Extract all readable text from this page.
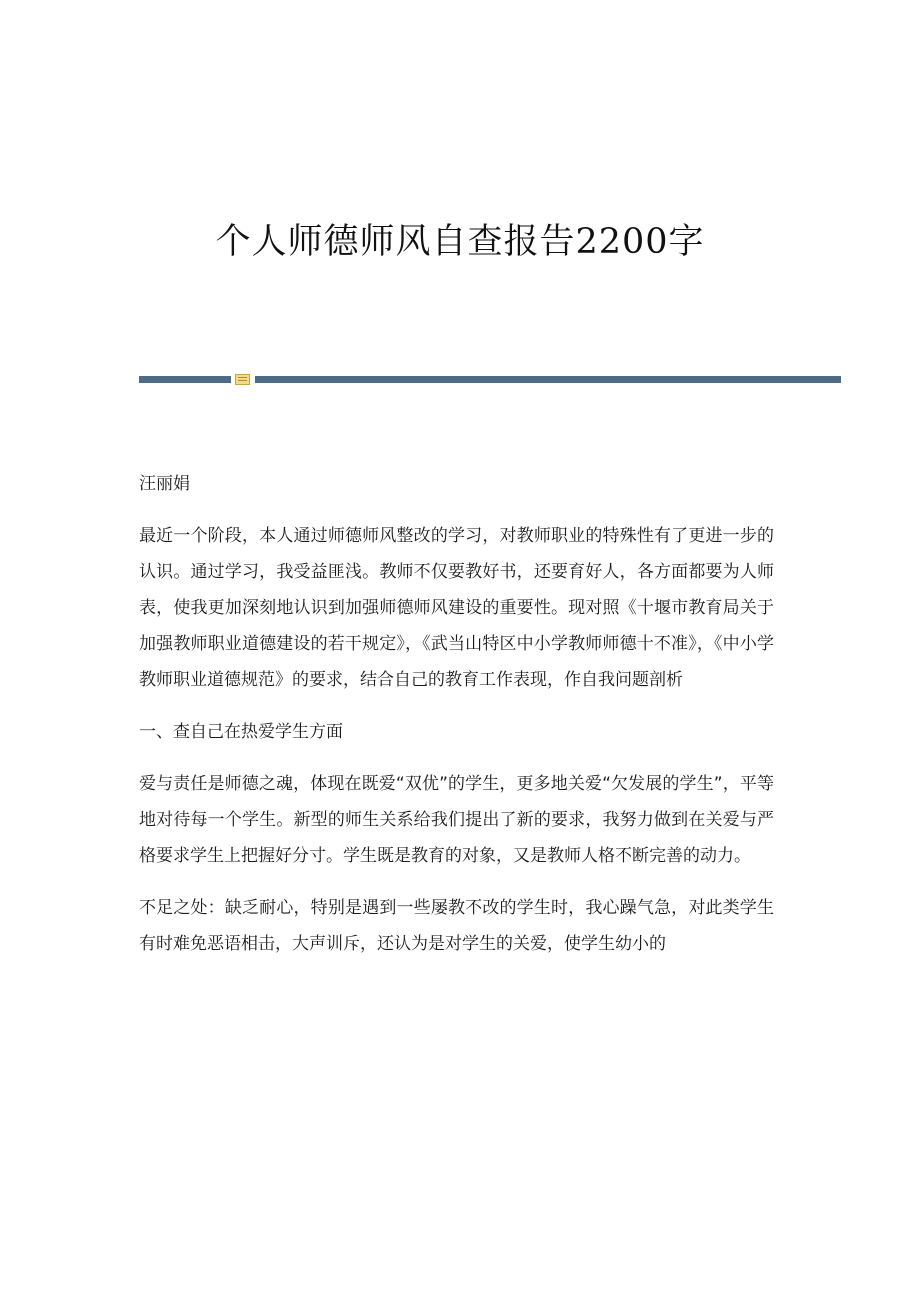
个人师德师风自查报告2200字

汪丽娟

最近一个阶段，本人通过师德师风整改的学习，对教师职业的特殊性有了更进一步的认识。通过学习，我受益匪浅。教师不仅要教好书，还要育好人，各方面都要为人师表，使我更加深刻地认识到加强师德师风建设的重要性。现对照《十堰市教育局关于加强教师职业道德建设的若干规定》，《武当山特区中小学教师师德十不准》，《中小学教师职业道德规范》的要求，结合自己的教育工作表现，作自我问题剖析

一、查自己在热爱学生方面

爱与责任是师德之魂，体现在既爱“双优”的学生，更多地关爱“欠发展的学生”，平等地对待每一个学生。新型的师生关系给我们提出了新的要求，我努力做到在关爱与严格要求学生上把握好分寸。学生既是教育的对象，又是教师人格不断完善的动力。

不足之处：缺乏耐心，特别是遇到一些屡教不改的学生时，我心躁气急，对此类学生有时难免恶语相击，大声训斥，还认为是对学生的关爱，使学生幼小的
